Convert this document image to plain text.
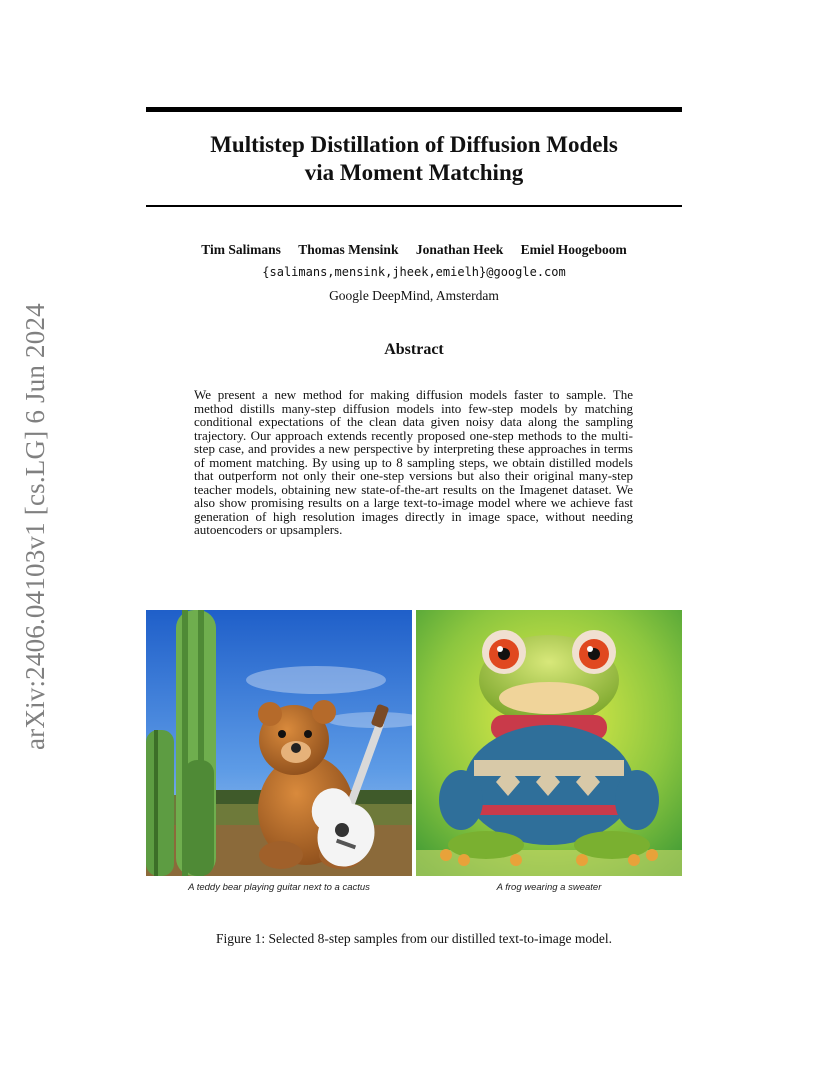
Multistep Distillation of Diffusion Models
via Moment Matching
Tim Salimans Thomas Mensink Jonathan Heek Emiel Hoogeboom
{salimans,mensink,jheek,emielh}@google.com
Google DeepMind, Amsterdam
Abstract
We present a new method for making diffusion models faster to sample. The method distills many-step diffusion models into few-step models by matching conditional expectations of the clean data given noisy data along the sampling trajectory. Our approach extends recently proposed one-step methods to the multi-step case, and provides a new perspective by interpreting these approaches in terms of moment matching. By using up to 8 sampling steps, we obtain distilled models that outperform not only their one-step versions but also their original many-step teacher models, obtaining new state-of-the-art results on the Imagenet dataset. We also show promising results on a large text-to-image model where we achieve fast generation of high resolution images directly in image space, without needing autoencoders or upsamplers.
arXiv:2406.04103v1 [cs.LG] 6 Jun 2024
A teddy bear playing guitar next to a cactus	A frog wearing a sweater
Figure 1: Selected 8-step samples from our distilled text-to-image model.
